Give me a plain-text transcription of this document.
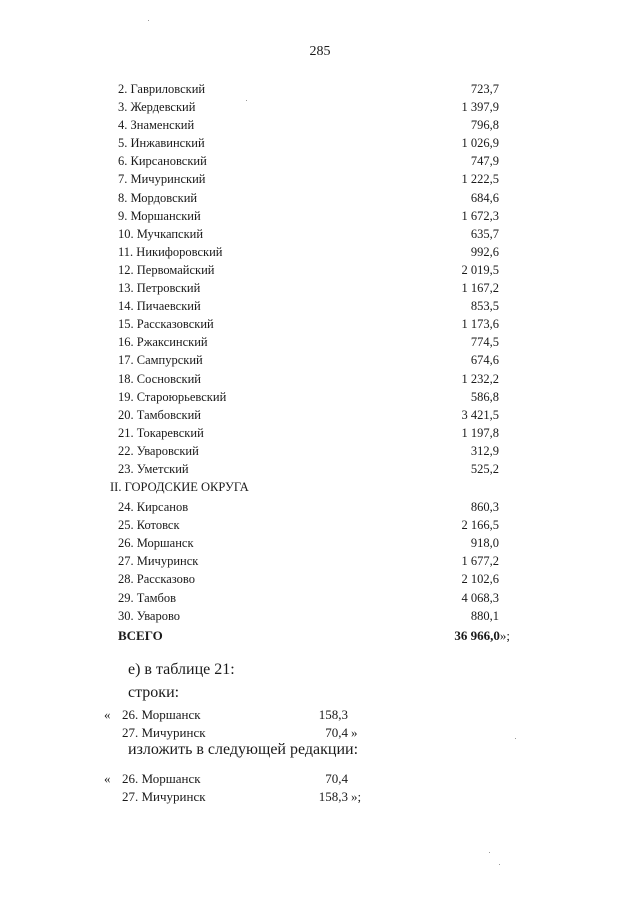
285
2. Гавриловский	723,7
3. Жердевский	1 397,9
4. Знаменский	796,8
5. Инжавинский	1 026,9
6. Кирсановский	747,9
7. Мичуринский	1 222,5
8. Мордовский	684,6
9. Моршанский	1 672,3
10. Мучкапский	635,7
11. Никифоровский	992,6
12. Первомайский	2 019,5
13. Петровский	1 167,2
14. Пичаевский	853,5
15. Рассказовский	1 173,6
16. Ржаксинский	774,5
17. Сампурский	674,6
18. Сосновский	1 232,2
19. Староюрьевский	586,8
20. Тамбовский	3 421,5
21. Токаревский	1 197,8
22. Уваровский	312,9
23. Уметский	525,2
II. ГОРОДСКИЕ ОКРУГА
24. Кирсанов	860,3
25. Котовск	2 166,5
26. Моршанск	918,0
27. Мичуринск	1 677,2
28. Рассказово	2 102,6
29. Тамбов	4 068,3
30. Уварово	880,1
ВСЕГО	36 966,0»;
е) в таблице 21:
строки:
« 26. Моршанск	158,3
27. Мичуринск	70,4 »
изложить в следующей редакции:
« 26. Моршанск	70,4
27. Мичуринск	158,3 »;
